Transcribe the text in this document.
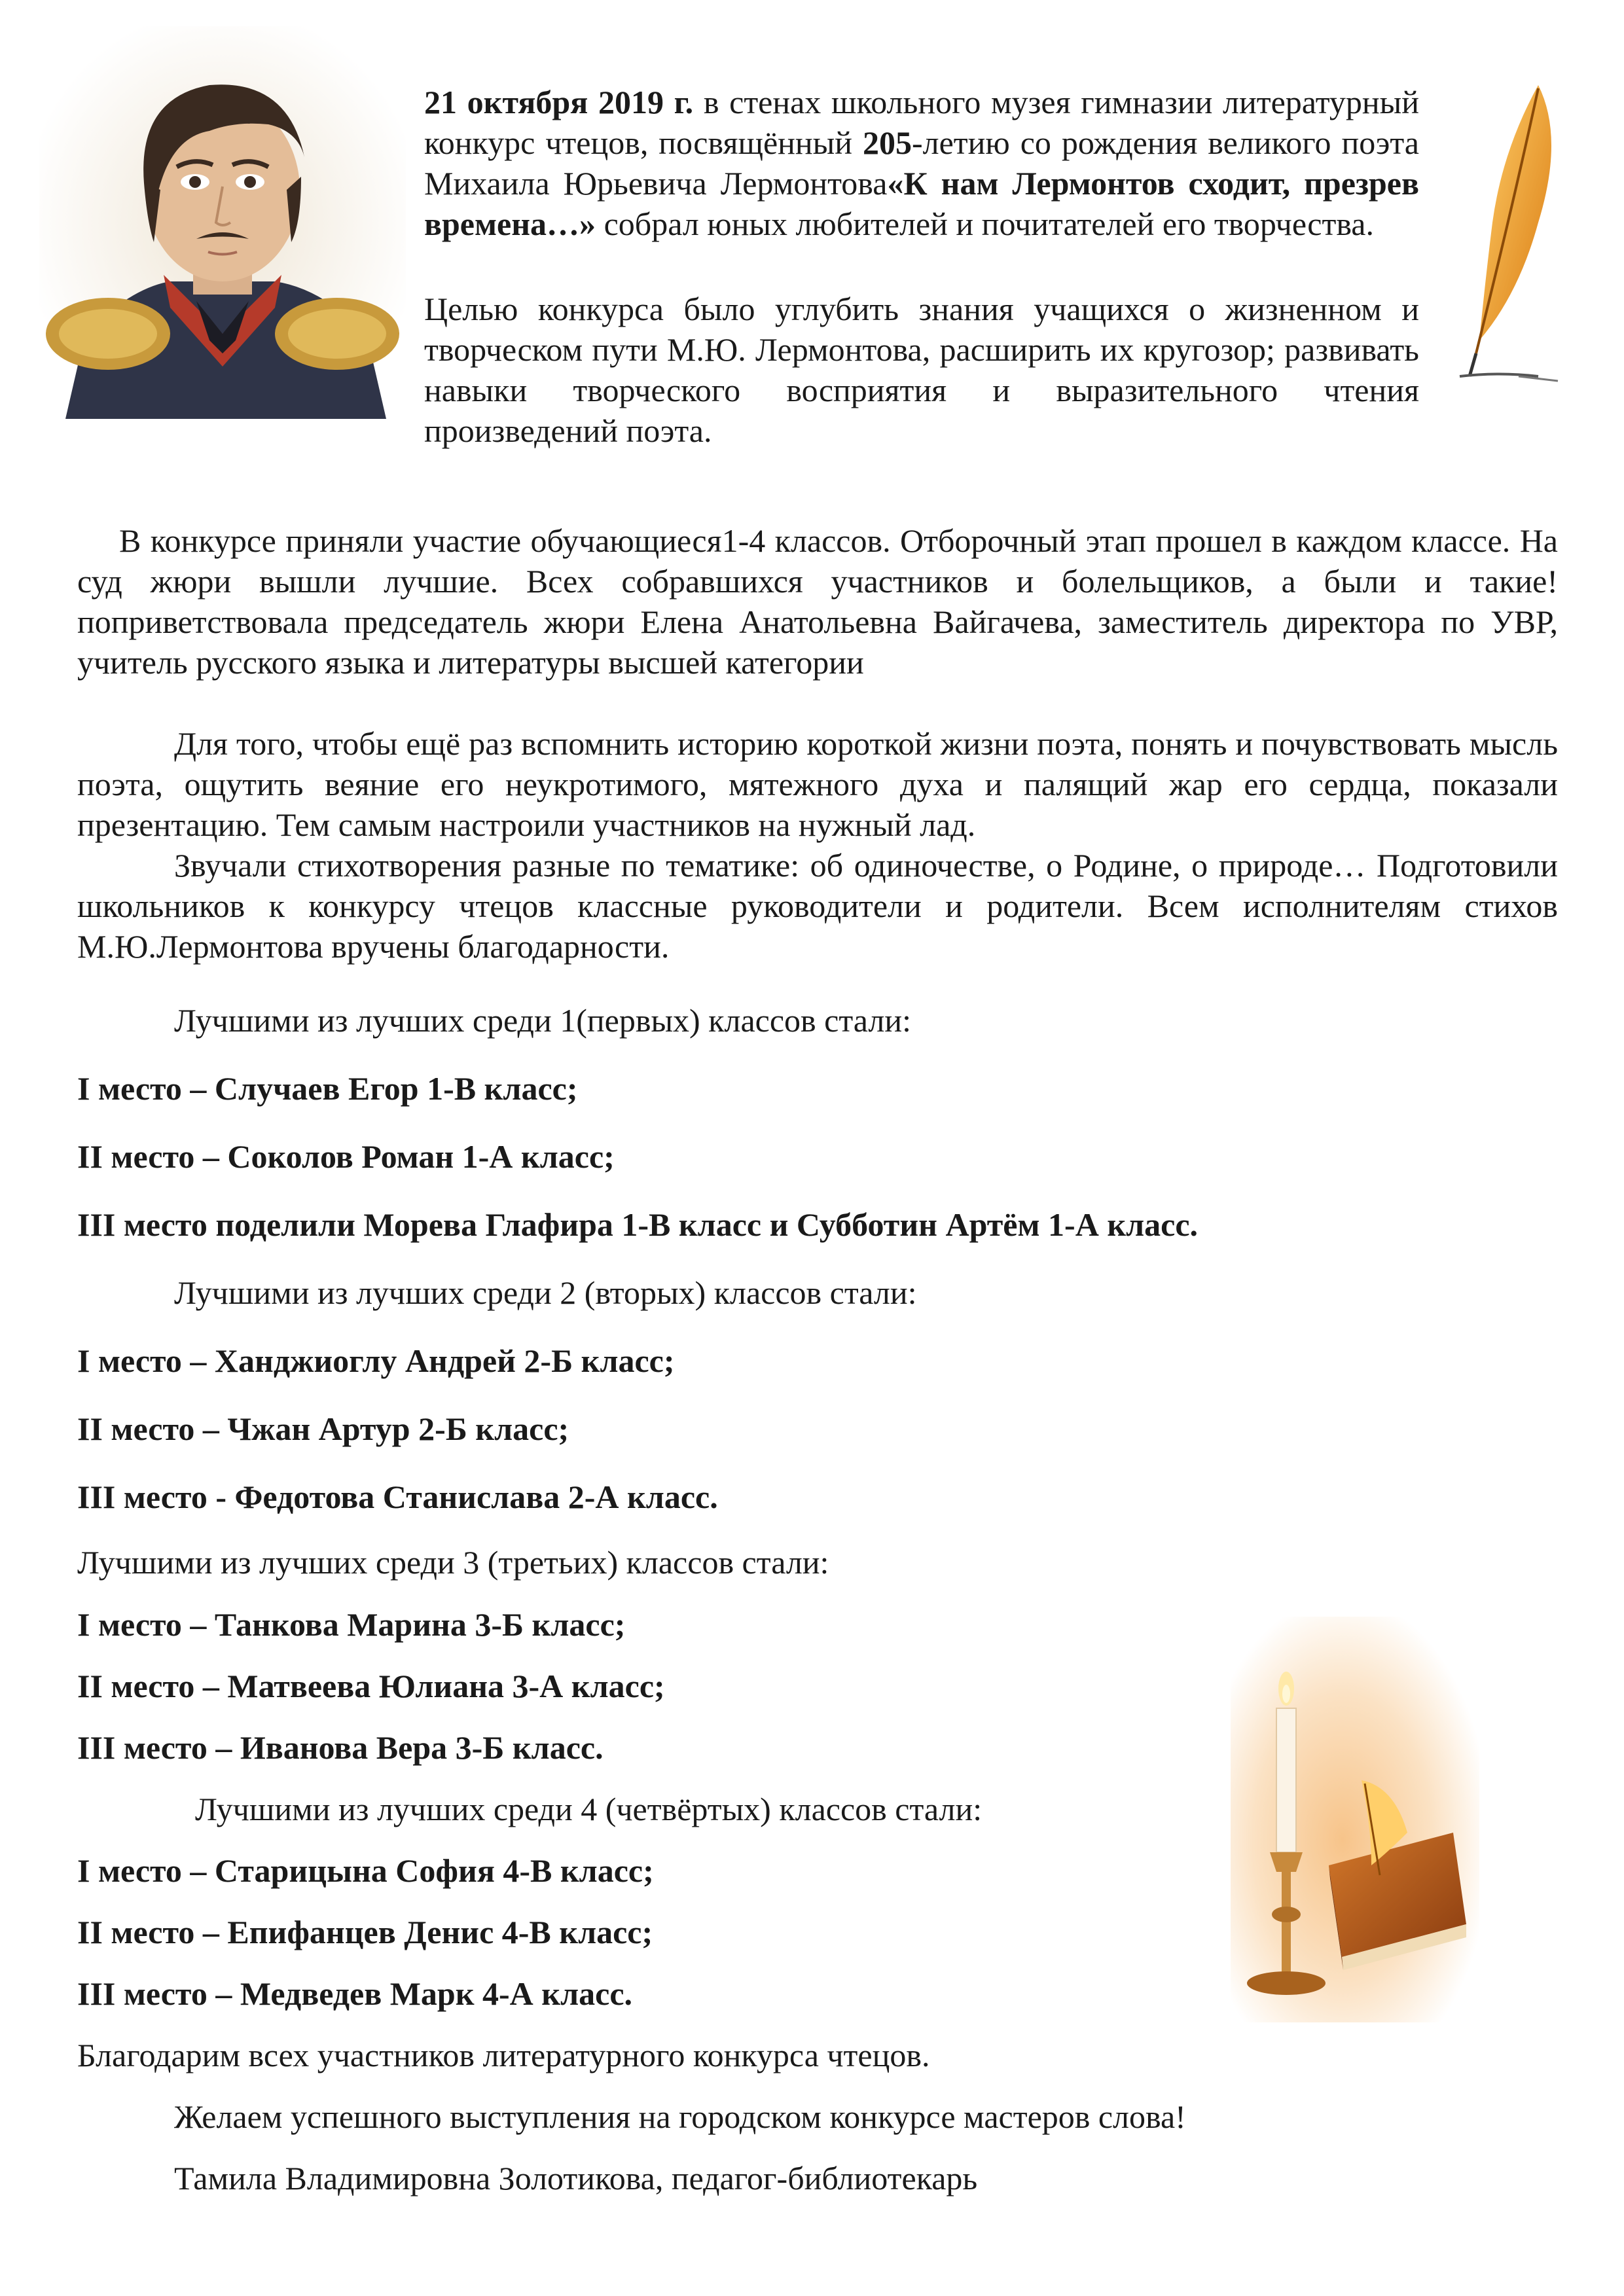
21 октября 2019 г. в стенах школьного музея гимназии литературный конкурс чтецов, посвящённый 205-летию со рождения великого поэта Михаила Юрьевича Лермонтова«К нам Лермонтов сходит, презрев времена…» собрал юных любителей и почитателей его творчества.

Целью конкурса было углубить знания учащихся о жизненном и творческом пути М.Ю. Лермонтова, расширить их кругозор; развивать навыки творческого восприятия и выразительного чтения произведений поэта.

В конкурсе приняли участие обучающиеся1-4 классов. Отборочный этап прошел в каждом классе. На суд жюри вышли лучшие. Всех собравшихся участников и болельщиков, а были и такие! поприветствовала председатель жюри Елена Анатольевна Вайгачева, заместитель директора по УВР, учитель русского языка и литературы высшей категории

Для того, чтобы ещё раз вспомнить историю короткой жизни поэта, понять и почувствовать мысль поэта, ощутить веяние его неукротимого, мятежного духа и палящий жар его сердца, показали презентацию. Тем самым настроили участников на нужный лад.

Звучали стихотворения разные по тематике: об одиночестве, о Родине, о природе… Подготовили школьников к конкурсу чтецов классные руководители и родители. Всем исполнителям стихов М.Ю.Лермонтова вручены благодарности.

Лучшими из лучших среди 1(первых) классов стали:

I место – Случаев Егор 1-В класс;

II место – Соколов Роман 1-А класс;

III место поделили Морева Глафира 1-В класс и Субботин Артём 1-А класс.

Лучшими из лучших среди 2 (вторых) классов стали:

I место – Ханджиоглу Андрей 2-Б класс;

II место – Чжан Артур 2-Б класс;

III место - Федотова Станислава 2-А класс.

Лучшими из лучших среди 3 (третьих) классов стали:

I место – Танкова Марина 3-Б класс;

II место – Матвеева Юлиана 3-А класс;

III место – Иванова Вера 3-Б класс.

Лучшими из лучших среди 4 (четвёртых) классов стали:

I место – Старицына София 4-В класс;

II место – Епифанцев Денис 4-В класс;

III место – Медведев Марк 4-А класс.

Благодарим всех участников литературного конкурса чтецов.

Желаем успешного выступления на городском конкурсе мастеров слова!

Тамила Владимировна Золотикова, педагог-библиотекарь
